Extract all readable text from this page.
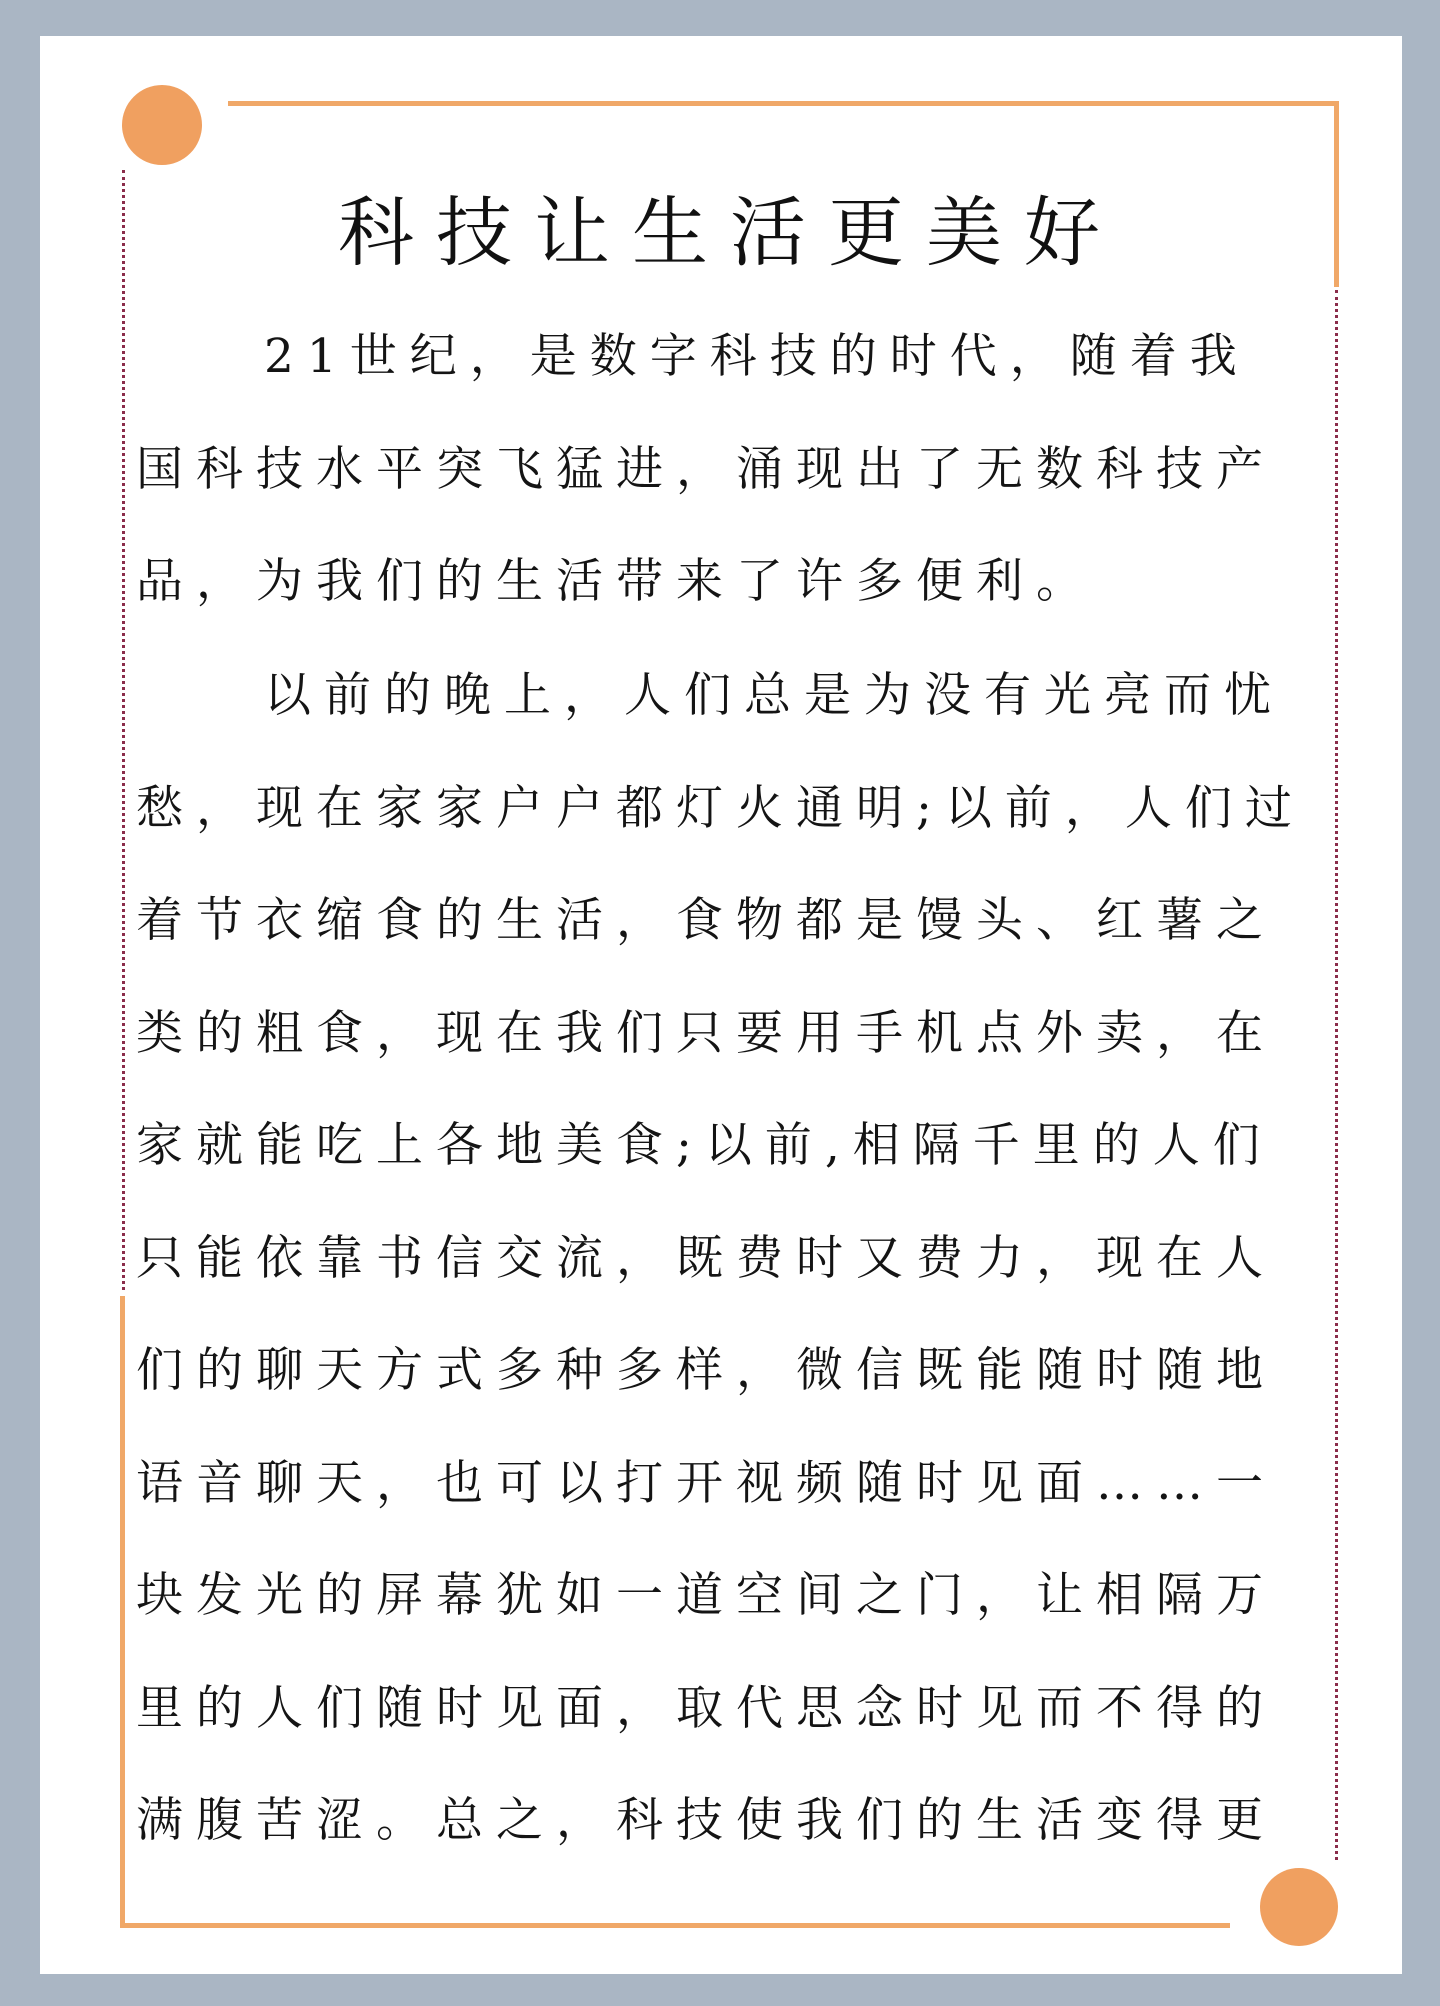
科技让生活更美好

21世纪，是数字科技的时代，随着我国科技水平突飞猛进，涌现出了无数科技产品，为我们的生活带来了许多便利。

以前的晚上，人们总是为没有光亮而忧愁，现在家家户户都灯火通明;以前，人们过着节衣缩食的生活，食物都是馒头、红薯之类的粗食，现在我们只要用手机点外卖，在家就能吃上各地美食;以前,相隔千里的人们只能依靠书信交流，既费时又费力，现在人们的聊天方式多种多样，微信既能随时随地语音聊天，也可以打开视频随时见面……一块发光的屏幕犹如一道空间之门，让相隔万里的人们随时见面，取代思念时见而不得的满腹苦涩。总之，科技使我们的生活变得更
